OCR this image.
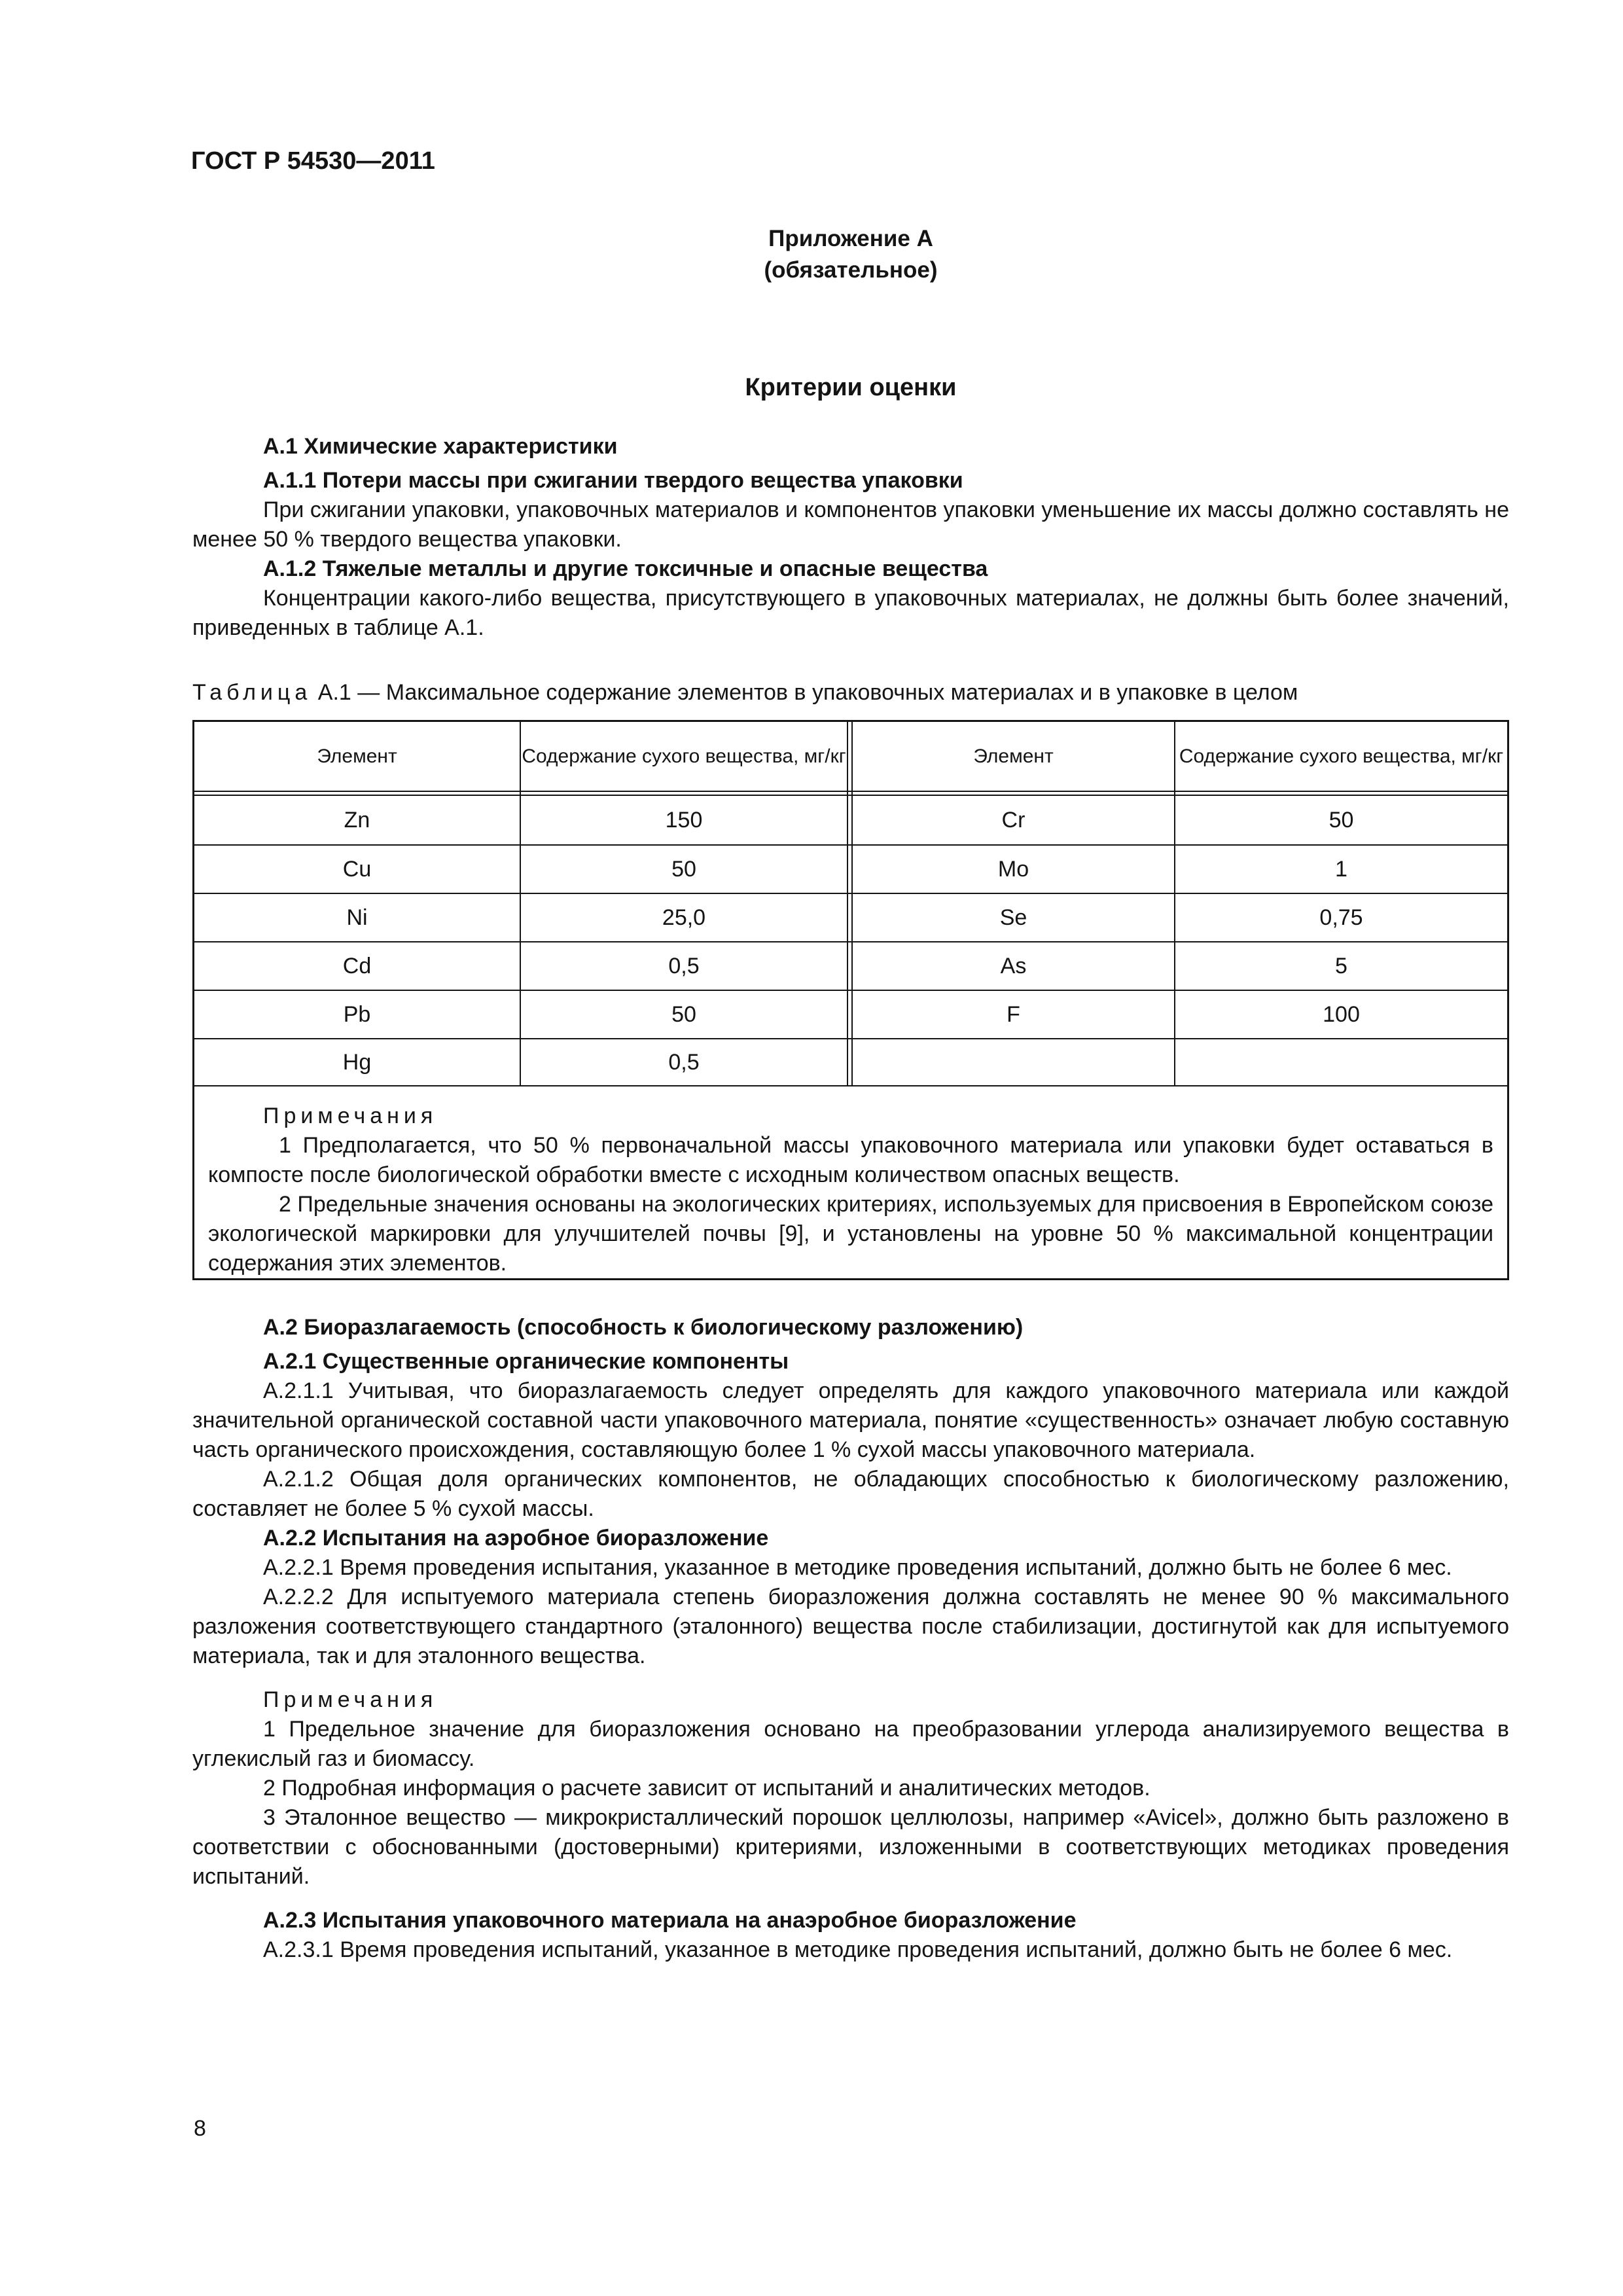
ГОСТ Р 54530—2011
Приложение А
(обязательное)
Критерии оценки

А.1 Химические характеристики

А.1.1 Потери массы при сжигании твердого вещества упаковки

При сжигании упаковки, упаковочных материалов и компонентов упаковки уменьшение их массы должно составлять не менее 50 % твердого вещества упаковки.

А.1.2 Тяжелые металлы и другие токсичные и опасные вещества

Концентрации какого-либо вещества, присутствующего в упаковочных материалах, не должны быть более значений, приведенных в таблице А.1.

Таблица А.1 — Максимальное содержание элементов в упаковочных материалах и в упаковке в целом
Элемент	Содержание сухого вещества, мг/кг	Элемент	Содержание сухого вещества, мг/кг
Zn	150	Cr	50
Cu	50	Mo	1
Ni	25,0	Se	0,75
Cd	0,5	As	5
Pb	50	F	100
Hg	0,5

Примечания

1 Предполагается, что 50 % первоначальной массы упаковочного материала или упаковки будет оставаться в компосте после биологической обработки вместе с исходным количеством опасных веществ.

2 Предельные значения основаны на экологических критериях, используемых для присвоения в Европейском союзе экологической маркировки для улучшителей почвы [9], и установлены на уровне 50 % максимальной концентрации содержания этих элементов.

А.2 Биоразлагаемость (способность к биологическому разложению)

А.2.1 Существенные органические компоненты

А.2.1.1 Учитывая, что биоразлагаемость следует определять для каждого упаковочного материала или каждой значительной органической составной части упаковочного материала, понятие «существенность» означает любую составную часть органического происхождения, составляющую более 1 % сухой массы упаковочного материала.

А.2.1.2 Общая доля органических компонентов, не обладающих способностью к биологическому разложению, составляет не более 5 % сухой массы.

А.2.2 Испытания на аэробное биоразложение

А.2.2.1 Время проведения испытания, указанное в методике проведения испытаний, должно быть не более 6 мес.

А.2.2.2 Для испытуемого материала степень биоразложения должна составлять не менее 90 % максимального разложения соответствующего стандартного (эталонного) вещества после стабилизации, достигнутой как для испытуемого материала, так и для эталонного вещества.

Примечания

1 Предельное значение для биоразложения основано на преобразовании углерода анализируемого вещества в углекислый газ и биомассу.

2 Подробная информация о расчете зависит от испытаний и аналитических методов.

3 Эталонное вещество — микрокристаллический порошок целлюлозы, например «Avicel», должно быть разложено в соответствии с обоснованными (достоверными) критериями, изложенными в соответствующих методиках проведения испытаний.

А.2.3 Испытания упаковочного материала на анаэробное биоразложение

А.2.3.1 Время проведения испытаний, указанное в методике проведения испытаний, должно быть не более 6 мес.

8
